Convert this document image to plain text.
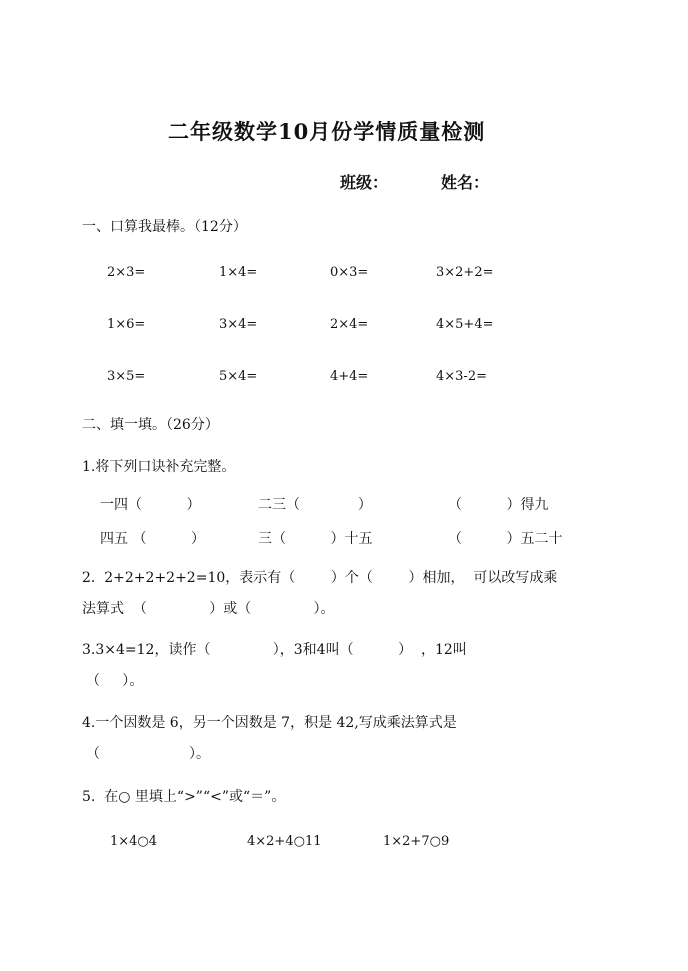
二年级数学10月份学情质量检测
班级：	姓名：
一、口算我最棒。（12分）
2×3=	1×4=	0×3=	3×2+2=
1×6=	3×4=	2×4=	4×5+4=
3×5=	5×4=	4+4=	4×3-2=
二、填一填。（26分）
1.将下列口诀补充完整。
一四（          ）	二三（             ）	（          ）得九
四五 （          ）	三（          ）十五	（          ）五二十
2.  2+2+2+2+2=10，表示有（        ）个（        ）相加，  可以改写成乘
法算式  （              ）或（              ）。
3.3×4=12，读作（              ），3和4叫（          ）  ，12叫
（     ）。
4.一个因数是 6，另一个因数是 7，积是 42,写成乘法算式是
（                    ）。
5.  在○ 里填上“>”“<”或“＝”。
1×4○4	4×2+4○11	1×2+7○9
